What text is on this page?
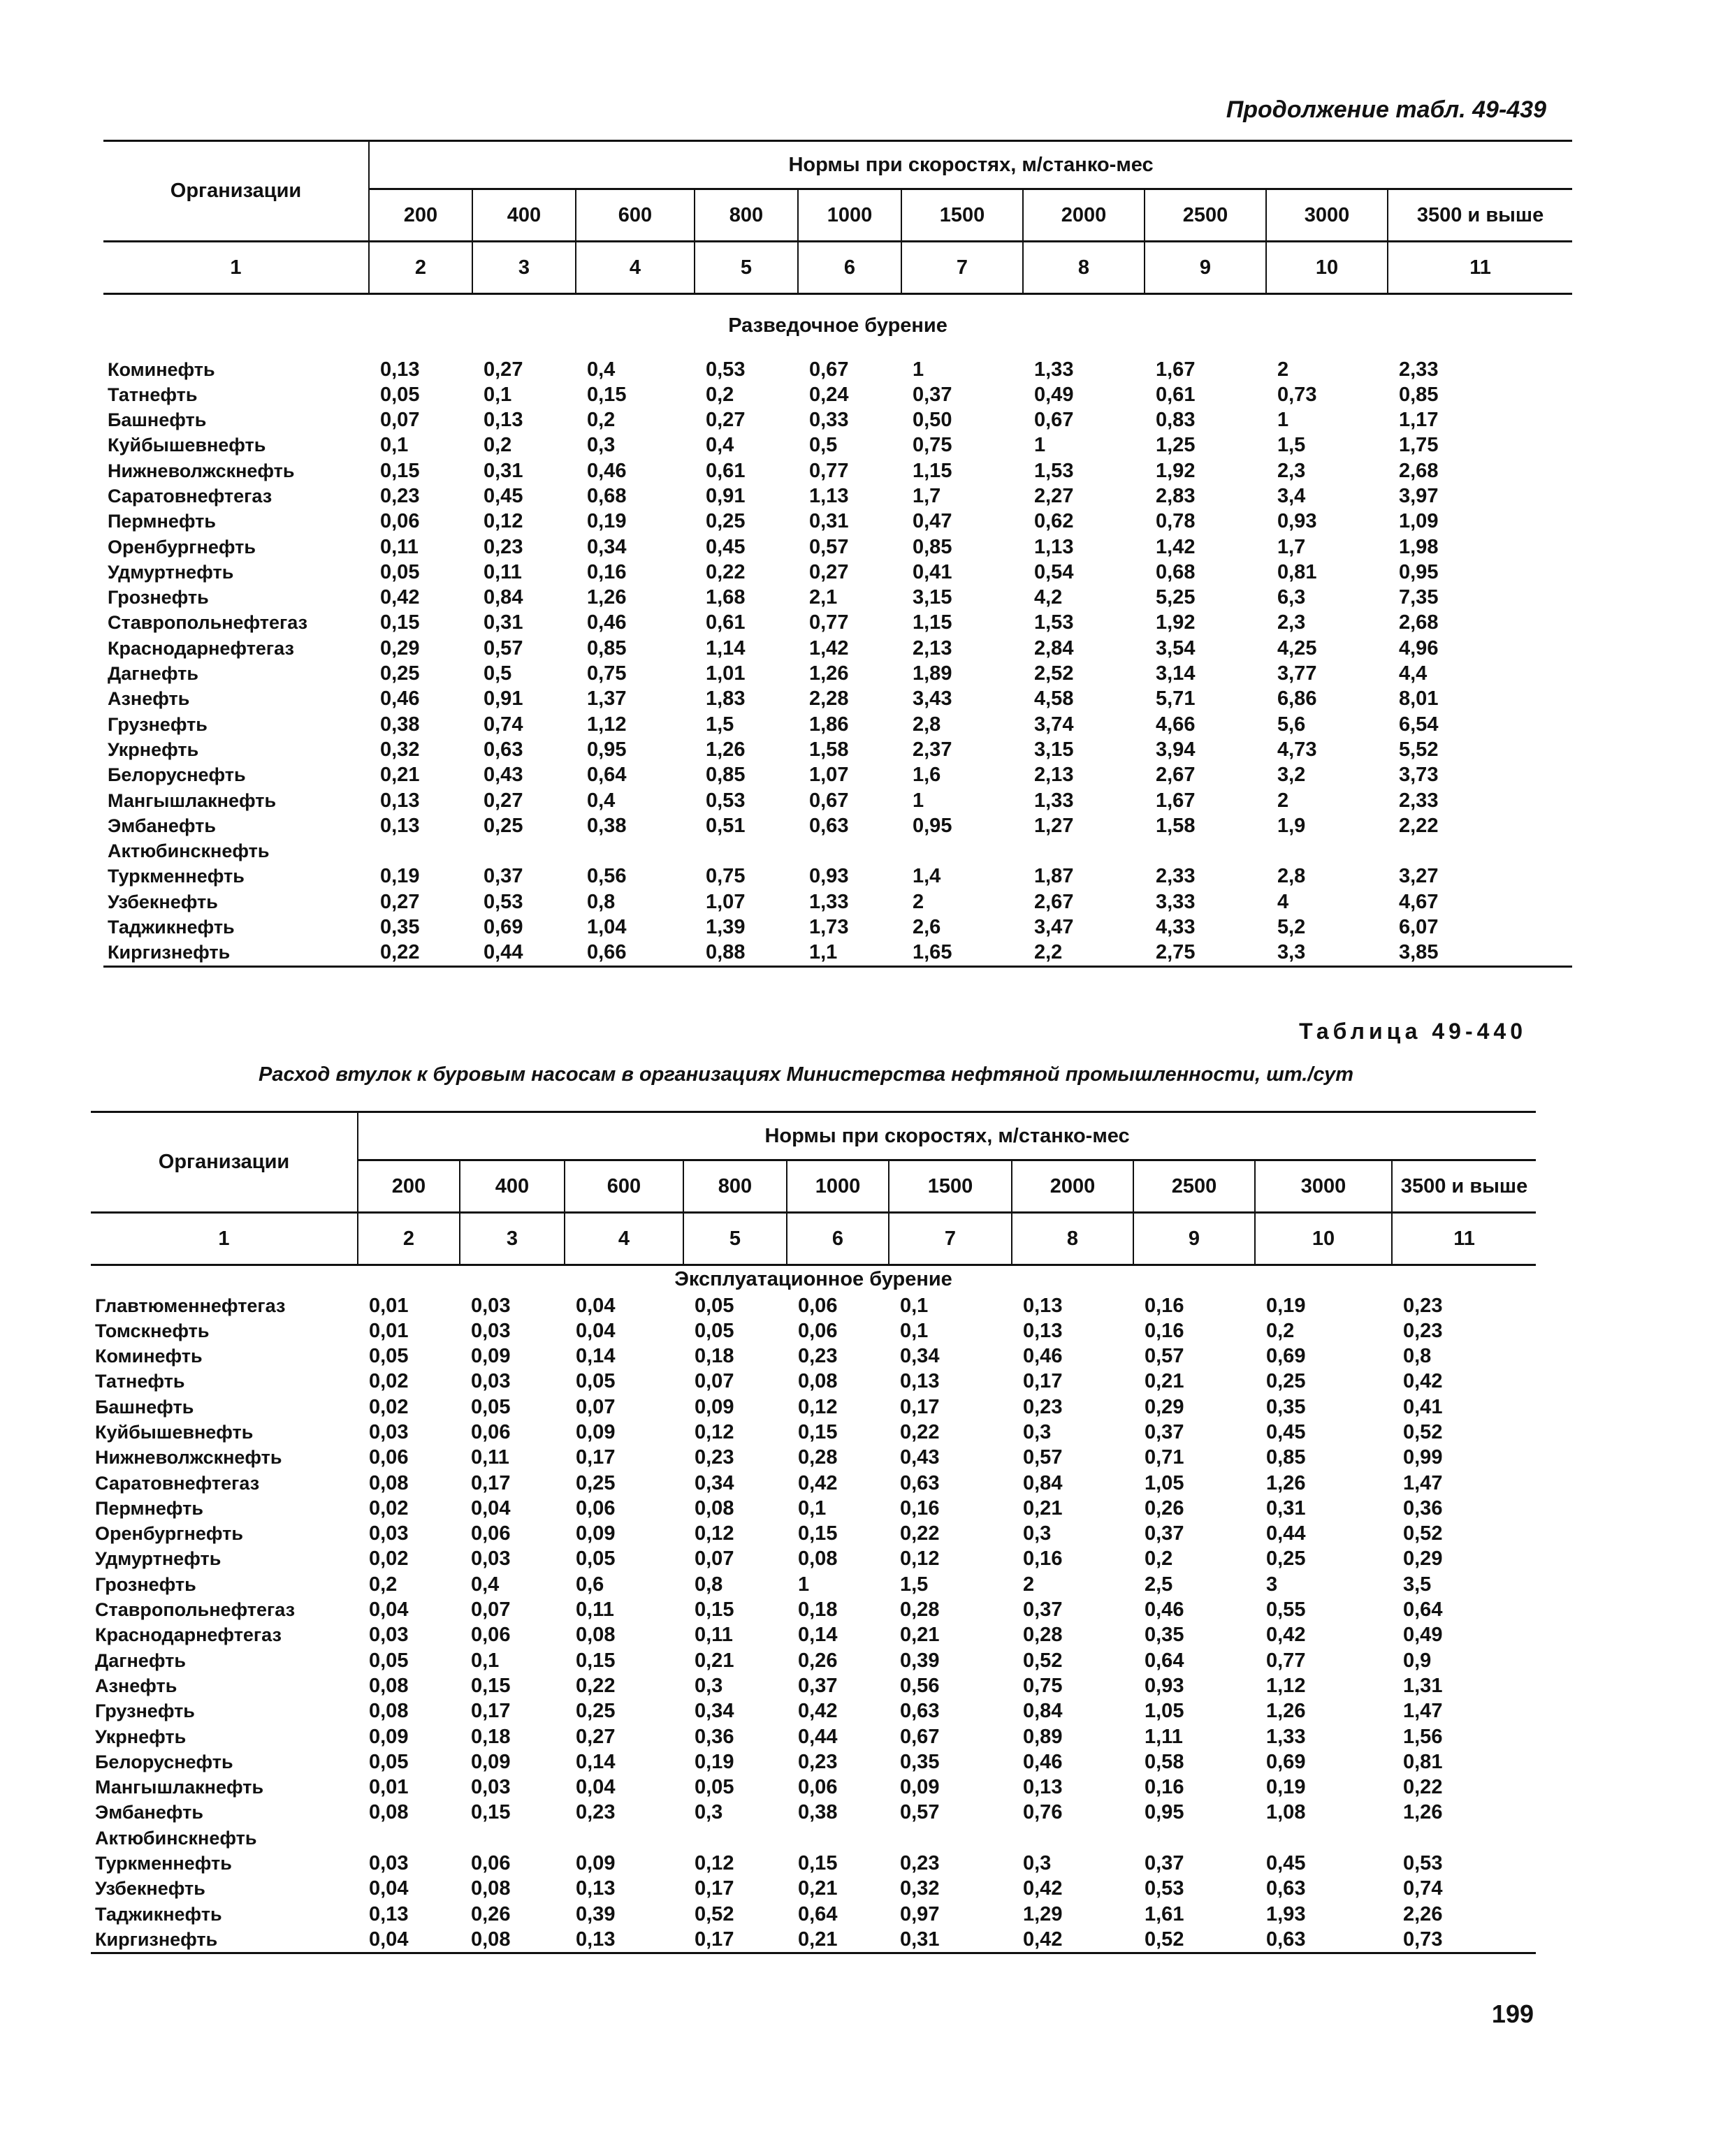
Продолжение табл. 49-439
Организации	Нормы при скоростях, м/станко-мес									
	200	400	600	800	1000	1500	2000	2500	3000	3500 и выше
1	2	3	4	5	6	7	8	9	10	11
Разведочное бурение										
Коминефть	0,13	0,27	0,4	0,53	0,67	1	1,33	1,67	2	2,33
Татнефть	0,05	0,1	0,15	0,2	0,24	0,37	0,49	0,61	0,73	0,85
Башнефть	0,07	0,13	0,2	0,27	0,33	0,50	0,67	0,83	1	1,17
Куйбышевнефть	0,1	0,2	0,3	0,4	0,5	0,75	1	1,25	1,5	1,75
Нижневолжскнефть	0,15	0,31	0,46	0,61	0,77	1,15	1,53	1,92	2,3	2,68
Саратовнефтегаз	0,23	0,45	0,68	0,91	1,13	1,7	2,27	2,83	3,4	3,97
Пермнефть	0,06	0,12	0,19	0,25	0,31	0,47	0,62	0,78	0,93	1,09
Оренбургнефть	0,11	0,23	0,34	0,45	0,57	0,85	1,13	1,42	1,7	1,98
Удмуртнефть	0,05	0,11	0,16	0,22	0,27	0,41	0,54	0,68	0,81	0,95
Грознефть	0,42	0,84	1,26	1,68	2,1	3,15	4,2	5,25	6,3	7,35
Ставропольнефтегаз	0,15	0,31	0,46	0,61	0,77	1,15	1,53	1,92	2,3	2,68
Краснодарнефтегаз	0,29	0,57	0,85	1,14	1,42	2,13	2,84	3,54	4,25	4,96
Дагнефть	0,25	0,5	0,75	1,01	1,26	1,89	2,52	3,14	3,77	4,4
Азнефть	0,46	0,91	1,37	1,83	2,28	3,43	4,58	5,71	6,86	8,01
Грузнефть	0,38	0,74	1,12	1,5	1,86	2,8	3,74	4,66	5,6	6,54
Укрнефть	0,32	0,63	0,95	1,26	1,58	2,37	3,15	3,94	4,73	5,52
Белоруснефть	0,21	0,43	0,64	0,85	1,07	1,6	2,13	2,67	3,2	3,73
Мангышлакнефть	0,13	0,27	0,4	0,53	0,67	1	1,33	1,67	2	2,33
Эмбанефть	0,13	0,25	0,38	0,51	0,63	0,95	1,27	1,58	1,9	2,22
Актюбинскнефть										
Туркменнефть	0,19	0,37	0,56	0,75	0,93	1,4	1,87	2,33	2,8	3,27
Узбекнефть	0,27	0,53	0,8	1,07	1,33	2	2,67	3,33	4	4,67
Таджикнефть	0,35	0,69	1,04	1,39	1,73	2,6	3,47	4,33	5,2	6,07
Киргизнефть	0,22	0,44	0,66	0,88	1,1	1,65	2,2	2,75	3,3	3,85
Таблица 49-440
Расход втулок к буровым насосам в организациях Министерства нефтяной промышленности, шт./сут
Организации	Нормы при скоростях, м/станко-мес									
	200	400	600	800	1000	1500	2000	2500	3000	3500 и выше
1	2	3	4	5	6	7	8	9	10	11
Эксплуатационное бурение										
Главтюменнефтегаз	0,01	0,03	0,04	0,05	0,06	0,1	0,13	0,16	0,19	0,23
Томскнефть	0,01	0,03	0,04	0,05	0,06	0,1	0,13	0,16	0,2	0,23
Коминефть	0,05	0,09	0,14	0,18	0,23	0,34	0,46	0,57	0,69	0,8
Татнефть	0,02	0,03	0,05	0,07	0,08	0,13	0,17	0,21	0,25	0,42
Башнефть	0,02	0,05	0,07	0,09	0,12	0,17	0,23	0,29	0,35	0,41
Куйбышевнефть	0,03	0,06	0,09	0,12	0,15	0,22	0,3	0,37	0,45	0,52
Нижневолжскнефть	0,06	0,11	0,17	0,23	0,28	0,43	0,57	0,71	0,85	0,99
Саратовнефтегаз	0,08	0,17	0,25	0,34	0,42	0,63	0,84	1,05	1,26	1,47
Пермнефть	0,02	0,04	0,06	0,08	0,1	0,16	0,21	0,26	0,31	0,36
Оренбургнефть	0,03	0,06	0,09	0,12	0,15	0,22	0,3	0,37	0,44	0,52
Удмуртнефть	0,02	0,03	0,05	0,07	0,08	0,12	0,16	0,2	0,25	0,29
Грознефть	0,2	0,4	0,6	0,8	1	1,5	2	2,5	3	3,5
Ставропольнефтегаз	0,04	0,07	0,11	0,15	0,18	0,28	0,37	0,46	0,55	0,64
Краснодарнефтегаз	0,03	0,06	0,08	0,11	0,14	0,21	0,28	0,35	0,42	0,49
Дагнефть	0,05	0,1	0,15	0,21	0,26	0,39	0,52	0,64	0,77	0,9
Азнефть	0,08	0,15	0,22	0,3	0,37	0,56	0,75	0,93	1,12	1,31
Грузнефть	0,08	0,17	0,25	0,34	0,42	0,63	0,84	1,05	1,26	1,47
Укрнефть	0,09	0,18	0,27	0,36	0,44	0,67	0,89	1,11	1,33	1,56
Белоруснефть	0,05	0,09	0,14	0,19	0,23	0,35	0,46	0,58	0,69	0,81
Мангышлакнефть	0,01	0,03	0,04	0,05	0,06	0,09	0,13	0,16	0,19	0,22
Эмбанефть	0,08	0,15	0,23	0,3	0,38	0,57	0,76	0,95	1,08	1,26
Актюбинскнефть										
Туркменнефть	0,03	0,06	0,09	0,12	0,15	0,23	0,3	0,37	0,45	0,53
Узбекнефть	0,04	0,08	0,13	0,17	0,21	0,32	0,42	0,53	0,63	0,74
Таджикнефть	0,13	0,26	0,39	0,52	0,64	0,97	1,29	1,61	1,93	2,26
Киргизнефть	0,04	0,08	0,13	0,17	0,21	0,31	0,42	0,52	0,63	0,73
199
